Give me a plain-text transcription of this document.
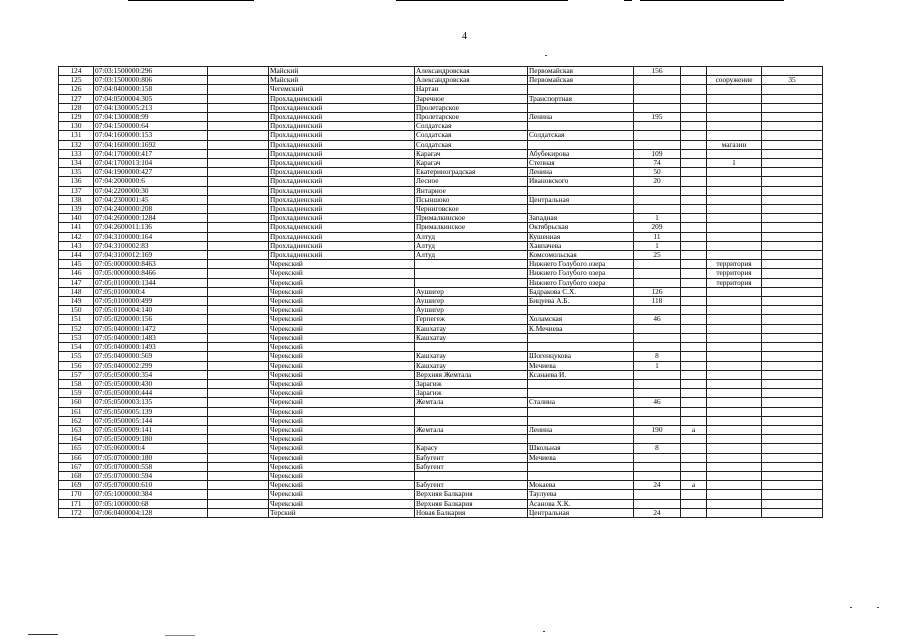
4
124	07:03:1500000:296		Майский	Александровская	Первомайская	156			
125	07:03:1500000:806		Майский	Александровская	Первомайская			сооружение	35
126	07:04:0400000:158		Чегемский	Нартан					
127	07:04:0500004:305		Прохладненский	Заречное	Транспортная				
128	07:04:1300005:213		Прохладненский	Пролетарское					
129	07:04:1300008:99		Прохладненский	Пролетарское	Ленина	195			
130	07:04:1500000:64		Прохладненский	Солдатская					
131	07:04:1600000:153		Прохладненский	Солдатская	Солдатская				
132	07:04:1600000:1692		Прохладненский	Солдатская				магазин	
133	07:04:1700000:417		Прохладненский	Карагач	Абубекирова	109			
134	07:04:1700013:104		Прохладненский	Карагач	Степная	74		1	
135	07:04:1900000:427		Прохладненский	Екатериноградская	Ленина	50			
136	07:04:2000000:6		Прохладненский	Лесное	Ивановского	20			
137	07:04:2200000:30		Прохладненский	Янтарное					
138	07:04:2300001:45		Прохладненский	Псыншоко	Центральная				
139	07:04:2400000:208		Прохладненский	Черниговское					
140	07:04:2600000:1284		Прохладненский	Прималкинское	Западная	1			
141	07:04:2600011:136		Прохладненский	Прималкинское	Октябрьская	209			
142	07:04:3100000:164		Прохладненский	Алтуд	Кушенная	11			
143	07:04:3100002:83		Прохладненский	Алтуд	Хавпачева	1			
144	07:04:3100012:169		Прохладненский	Алтуд	Комсомольская	25			
145	07:05:0000000:8463		Черекский		Нижнего Голубого озера			территория	
146	07:05:0000000:8466		Черекский		Нижнего Голубого озера			территория	
147	07:05:0100000:1344		Черекский		Нижнего Голубого озера			территория	
148	07:05:0100000:4		Черекский	Аушигер	Бадракова С.Х.	126			
149	07:05:0100000:499		Черекский	Аушигер	Бицуева А.Б.	118			
150	07:05:0100004:140		Черекский	Аушигер					
151	07:05:0200000:156		Черекский	Герпегеж	Холамская	46			
152	07:05:0400000:1472		Черекский	Кашхатау	К.Мечиева				
153	07:05:0400000:1483		Черекский	Кашхатау					
154	07:05:0400000:1493		Черекский						
155	07:05:0400000:569		Черекский	Кашхатау	Шогенцукова	8			
156	07:05:0400002:299		Черекский	Кашхатау	Мечиева	1			
157	07:05:0500000:354		Черекский	Верхняя Жемтала	Ксанаева И.				
158	07:05:0500000:430		Черекский	Зарагиж					
159	07:05:0500000:444		Черекский	Зарагиж					
160	07:05:0500003:135		Черекский	Жемтала	Сталина	46			
161	07:05:0500005:139		Черекский						
162	07:05:0500005:144		Черекский						
163	07:05:0500009:141		Черекский	Жемтала	Ленина	190	а		
164	07:05:0500009:180		Черекский						
165	07:05:0600000:4		Черекский	Карасу	Школьная	8			
166	07:05:0700000:180		Черекский	Бабугент	Мечиева				
167	07:05:0700000:558		Черекский	Бабугент					
168	07:05:0700000:594		Черекский						
169	07:05:0700000:610		Черекский	Бабугент	Мокаева	24	а		
170	07:05:1000000:384		Черекский	Верхняя Балкария	Таулуева				
171	07:05:1000000:68		Черекский	Верхняя Балкария	Асанова Х.К.				
172	07:06:0400004:128		Терский	Новая Балкария	Центральная	24			
